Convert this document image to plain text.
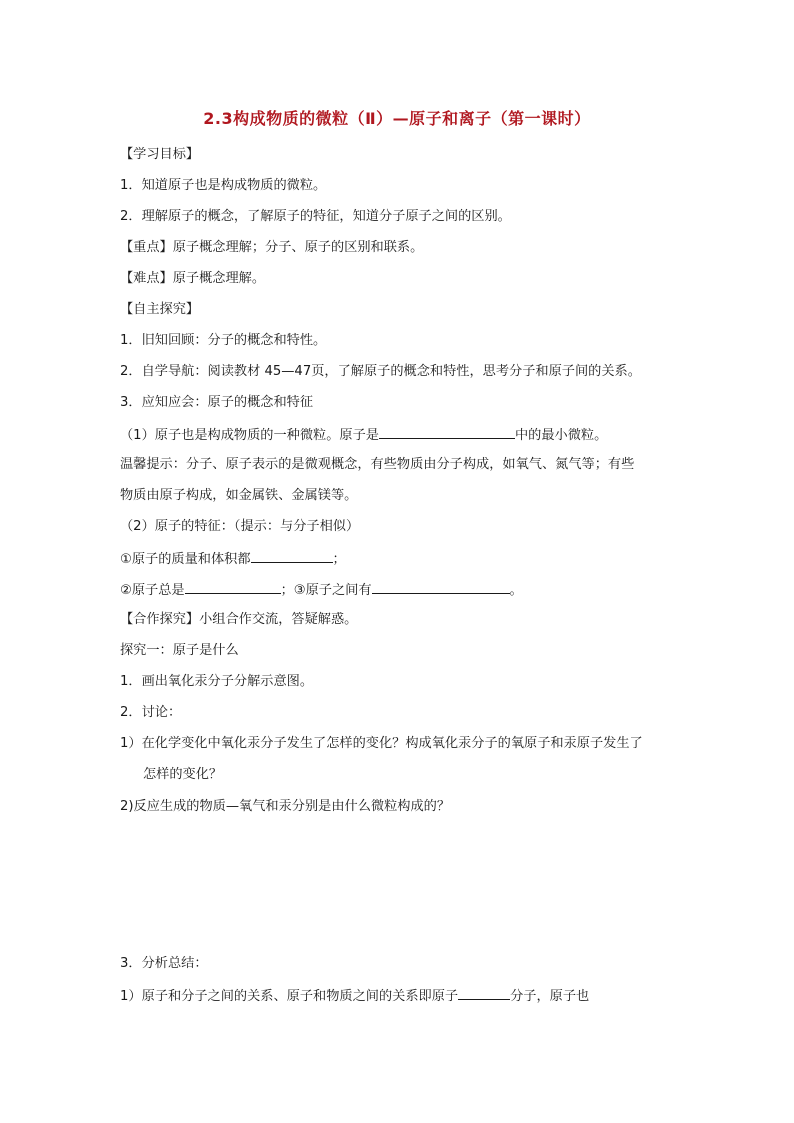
2.3构成物质的微粒（Ⅱ）—原子和离子（第一课时）
【学习目标】
1．知道原子也是构成物质的微粒。
2．理解原子的概念，了解原子的特征，知道分子原子之间的区别。
【重点】原子概念理解；分子、原子的区别和联系。
【难点】原子概念理解。
【自主探究】
1．旧知回顾：分子的概念和特性。
2．自学导航：阅读教材 45—47页，了解原子的概念和特性，思考分子和原子间的关系。
3．应知应会：原子的概念和特征
（1）原子也是构成物质的一种微粒。原子是	中的最小微粒。
温馨提示：分子、原子表示的是微观概念，有些物质由分子构成，如氧气、氮气等；有些
物质由原子构成，如金属铁、金属镁等。
（2）原子的特征：（提示：与分子相似）
①原子的质量和体积都	；
②原子总是	；③原子之间有	。
【合作探究】小组合作交流，答疑解惑。
探究一：原子是什么
1．画出氧化汞分子分解示意图。
2．讨论：
1）在化学变化中氧化汞分子发生了怎样的变化？构成氧化汞分子的氧原子和汞原子发生了
怎样的变化？
2)反应生成的物质—氧气和汞分别是由什么微粒构成的？
3．分析总结：
1）原子和分子之间的关系、原子和物质之间的关系即原子	分子，原子也
